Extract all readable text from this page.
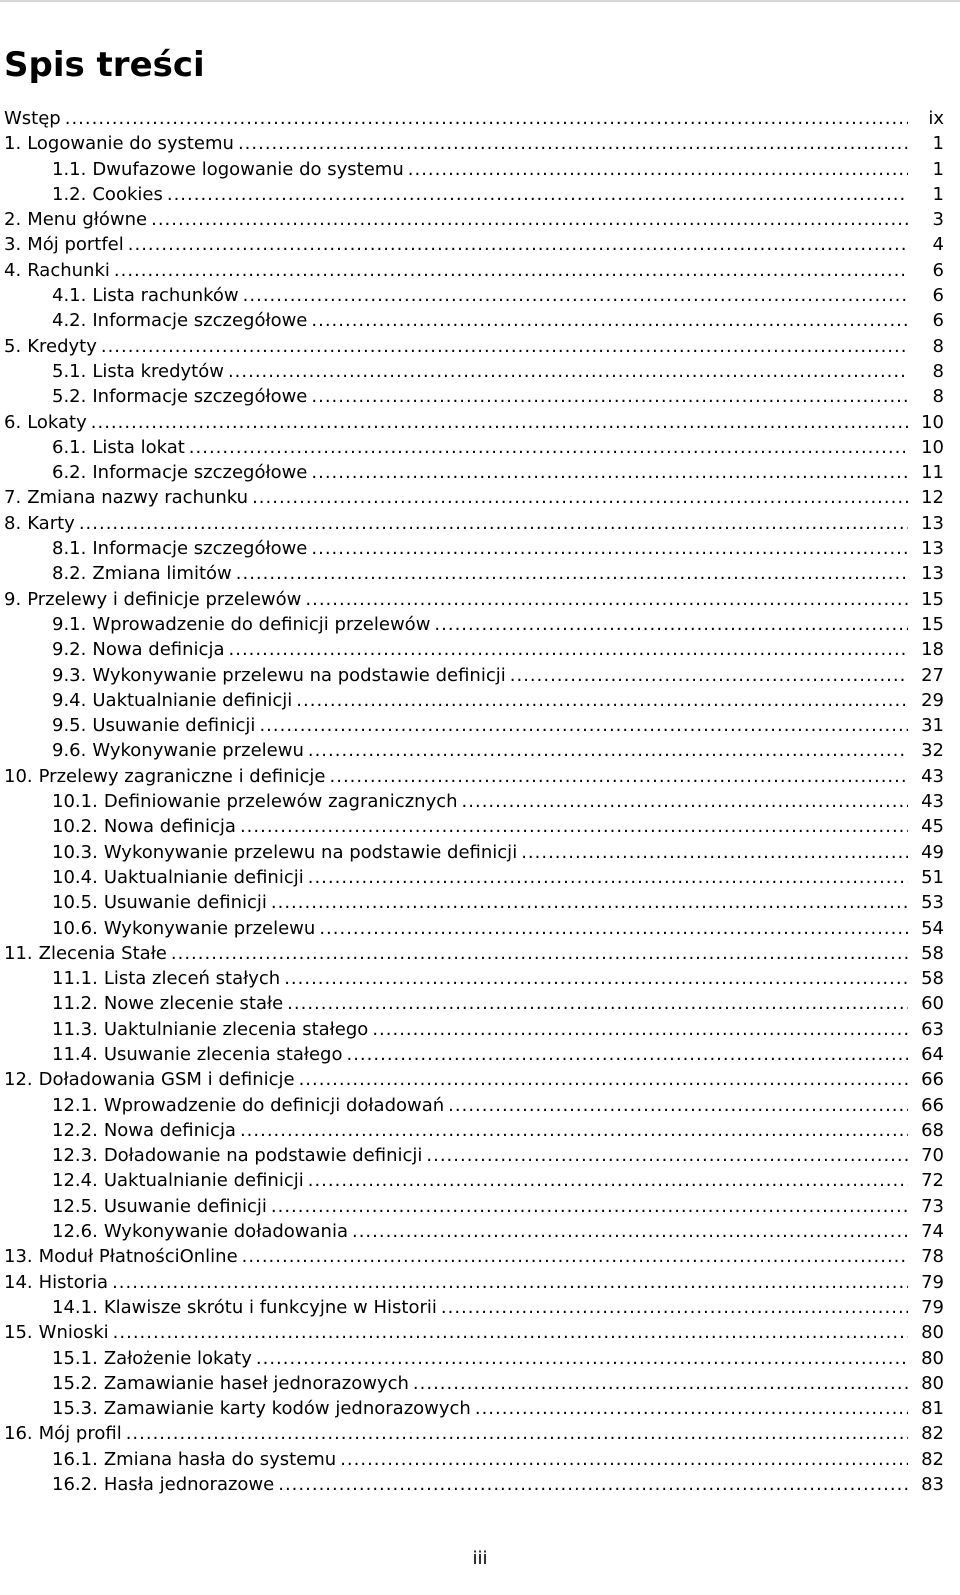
Spis treści
Wstęp .....	ix
1. Logowanie do systemu .....	1
1.1. Dwufazowe logowanie do systemu .....	1
1.2. Cookies .....	1
2. Menu główne .....	3
3. Mój portfel .....	4
4. Rachunki .....	6
4.1. Lista rachunków .....	6
4.2. Informacje szczegółowe .....	6
5. Kredyty .....	8
5.1. Lista kredytów .....	8
5.2. Informacje szczegółowe .....	8
6. Lokaty .....	10
6.1. Lista lokat .....	10
6.2. Informacje szczegółowe .....	11
7. Zmiana nazwy rachunku .....	12
8. Karty .....	13
8.1. Informacje szczegółowe .....	13
8.2. Zmiana limitów .....	13
9. Przelewy i definicje przelewów .....	15
9.1. Wprowadzenie do definicji przelewów .....	15
9.2. Nowa definicja .....	18
9.3. Wykonywanie przelewu na podstawie definicji .....	27
9.4. Uaktualnianie definicji .....	29
9.5. Usuwanie definicji .....	31
9.6. Wykonywanie przelewu .....	32
10. Przelewy zagraniczne i definicje .....	43
10.1. Definiowanie przelewów zagranicznych .....	43
10.2. Nowa definicja .....	45
10.3. Wykonywanie przelewu na podstawie definicji .....	49
10.4. Uaktualnianie definicji .....	51
10.5. Usuwanie definicji .....	53
10.6. Wykonywanie przelewu .....	54
11. Zlecenia Stałe .....	58
11.1. Lista zleceń stałych .....	58
11.2. Nowe zlecenie stałe .....	60
11.3. Uaktulnianie zlecenia stałego .....	63
11.4. Usuwanie zlecenia stałego .....	64
12. Doładowania GSM i definicje .....	66
12.1. Wprowadzenie do definicji doładowań .....	66
12.2. Nowa definicja .....	68
12.3. Doładowanie na podstawie definicji .....	70
12.4. Uaktualnianie definicji .....	72
12.5. Usuwanie definicji .....	73
12.6. Wykonywanie doładowania .....	74
13. Moduł PłatnościOnline .....	78
14. Historia .....	79
14.1. Klawisze skrótu i funkcyjne w Historii .....	79
15. Wnioski .....	80
15.1. Założenie lokaty .....	80
15.2. Zamawianie haseł jednorazowych .....	80
15.3. Zamawianie karty kodów jednorazowych .....	81
16. Mój profil .....	82
16.1. Zmiana hasła do systemu .....	82
16.2. Hasła jednorazowe .....	83
iii
